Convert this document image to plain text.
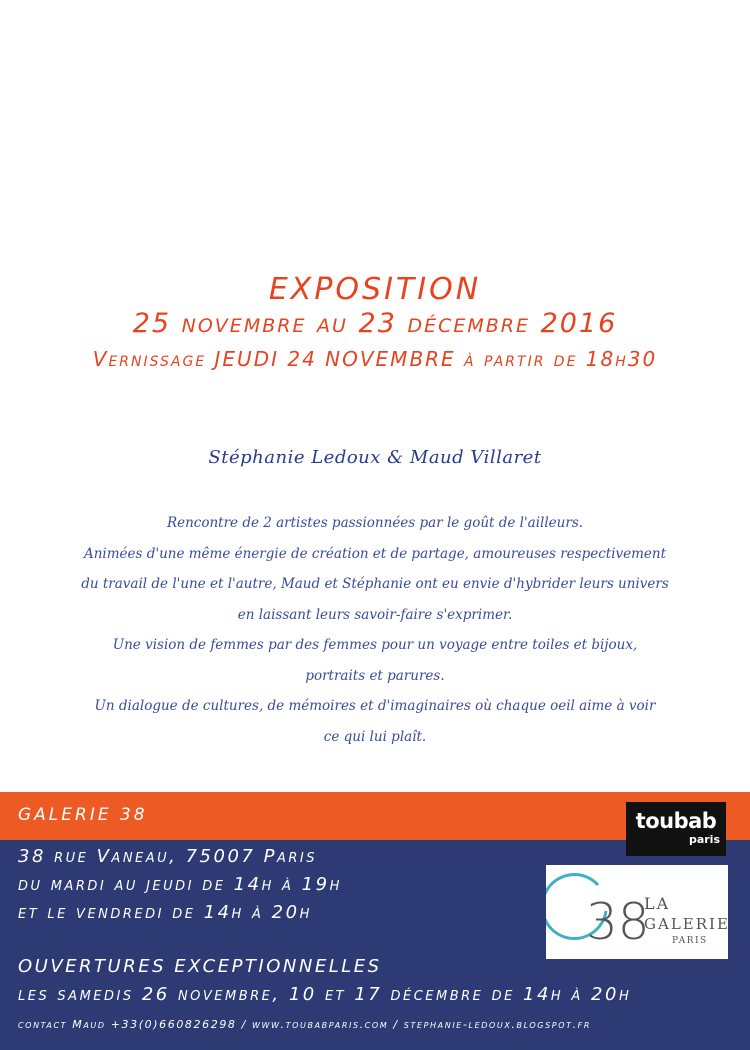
EXPOSITION
25 novembre au 23 décembre 2016
Vernissage JEUDI 24 NOVEMBRE à partir de 18h30
Stéphanie Ledoux & Maud Villaret
Rencontre de 2 artistes passionnées par le goût de l'ailleurs.
Animées d'une même énergie de création et de partage, amoureuses respectivement
du travail de l'une et l'autre, Maud et Stéphanie ont eu envie d'hybrider leurs univers
en laissant leurs savoir-faire s'exprimer.
Une vision de femmes par des femmes pour un voyage entre toiles et bijoux,
portraits et parures.
Un dialogue de cultures, de mémoires et d'imaginaires où chaque oeil aime à voir
ce qui lui plaît.
GALERIE 38
38 rue Vaneau, 75007 Paris
du mardi au jeudi de 14h à 19h
et le vendredi de 14h à 20h
OUVERTURES EXCEPTIONNELLES
les samedis 26 novembre, 10 et 17 décembre de 14h à 20h
contact Maud +33(0)660826298 / www.toubabparis.com / stephanie-ledoux.blogspot.fr
toubab
paris
38
LA
GALERIE
PARIS
